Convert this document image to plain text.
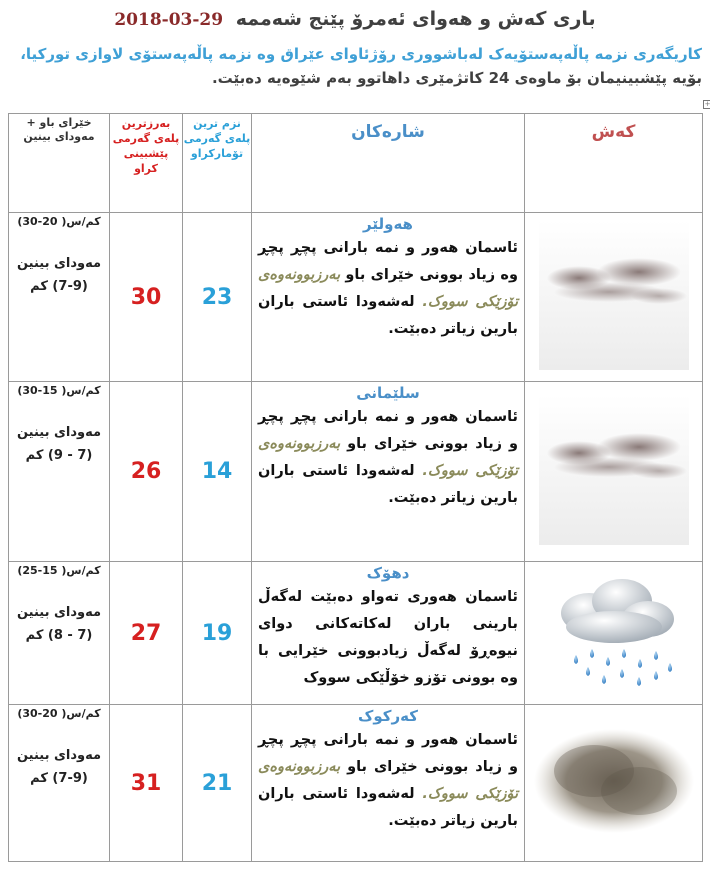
2018-03-29 باری کەش و هەوای ئەمرۆ پێنج شەممە
کاریگەری نزمە پاڵەپەستۆیەک لەباشووری رۆژئاوای عێراق وە نزمە پاڵەپەستۆی لاوازی تورکیا،
بۆیە پێشبینیمان بۆ ماوەی 24 کاتژمێری داهاتوو بەم شێوەیە دەبێت.
+
خێرای باو + مەودای بینین	بەرزترین پلەی گەرمی پێشبینی کراو	نزم ترین پلەی گەرمی تۆمارکراو	شارەکان	کەش

(30-20 )کم/س
مەودای بینین (9-7) کم	30	23	هەولێر
ئاسمان هەور و نمە بارانی پچڕ پچڕ وە زیاد بوونی خێرای باو بەرزبوونەوەی تۆزێکی سووک. لەشەودا ئاستی باران بارین زیاتر دەبێت.

(30-15 )کم/س
مەودای بینین (7 - 9) کم	26	14	سلێمانی
ئاسمان هەور و نمە بارانی پچڕ پچڕ و زیاد بوونی خێرای باو بەرزبوونەوەی تۆزێکی سووک. لەشەودا ئاستی باران بارین زیاتر دەبێت.

(25-15 )کم/س
مەودای بینین (7 - 8) کم	27	19	دهۆک
ئاسمان هەوری تەواو دەبێت لەگەڵ بارینی باران لەکاتەکانی دوای نیوەڕۆ لەگەڵ زیادبوونی خێرایی با وە بوونی تۆزو خۆڵێکی سووک

(30-20 )کم/س
مەودای بینین (9-7) کم	31	21	کەرکوک
ئاسمان هەور و نمە بارانی پچڕ پچڕ و زیاد بوونی خێرای باو بەرزبوونەوەی تۆزێکی سووک. لەشەودا ئاستی باران بارین زیاتر دەبێت.
